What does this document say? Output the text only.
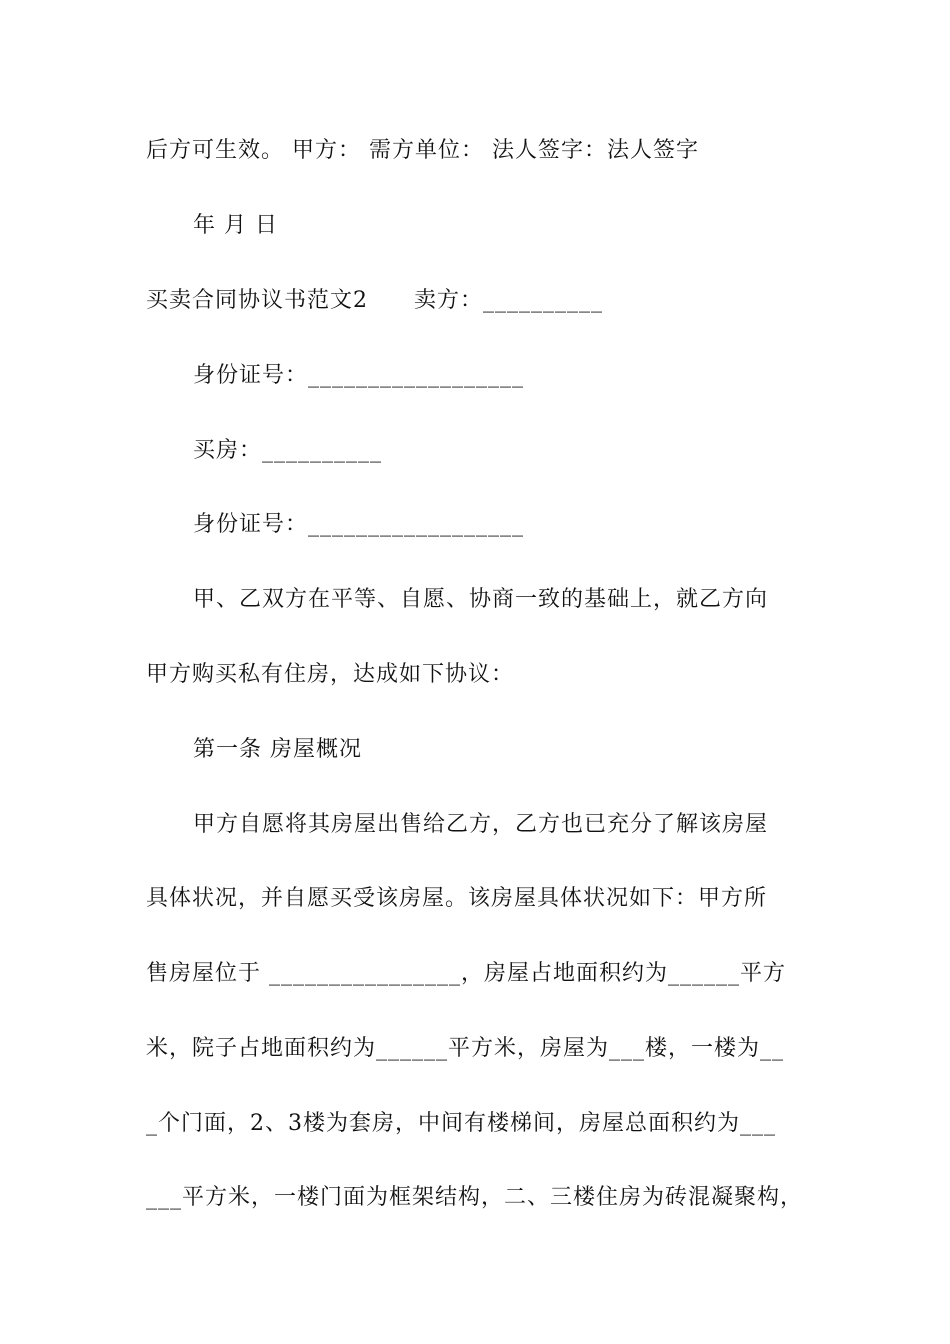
后方可生效。 甲方： 需方单位： 法人签字：法人签字
年 月 日
买卖合同协议书范文2　　卖方：__________
身份证号：__________________
买房：__________
身份证号：__________________
甲、乙双方在平等、自愿、协商一致的基础上，就乙方向
甲方购买私有住房，达成如下协议：
第一条 房屋概况
甲方自愿将其房屋出售给乙方，乙方也已充分了解该房屋
具体状况，并自愿买受该房屋。该房屋具体状况如下：甲方所
售房屋位于 ________________，房屋占地面积约为______平方
米，院子占地面积约为______平方米，房屋为___楼，一楼为__
_个门面，2、3楼为套房，中间有楼梯间，房屋总面积约为___
___平方米，一楼门面为框架结构，二、三楼住房为砖混凝聚构，
